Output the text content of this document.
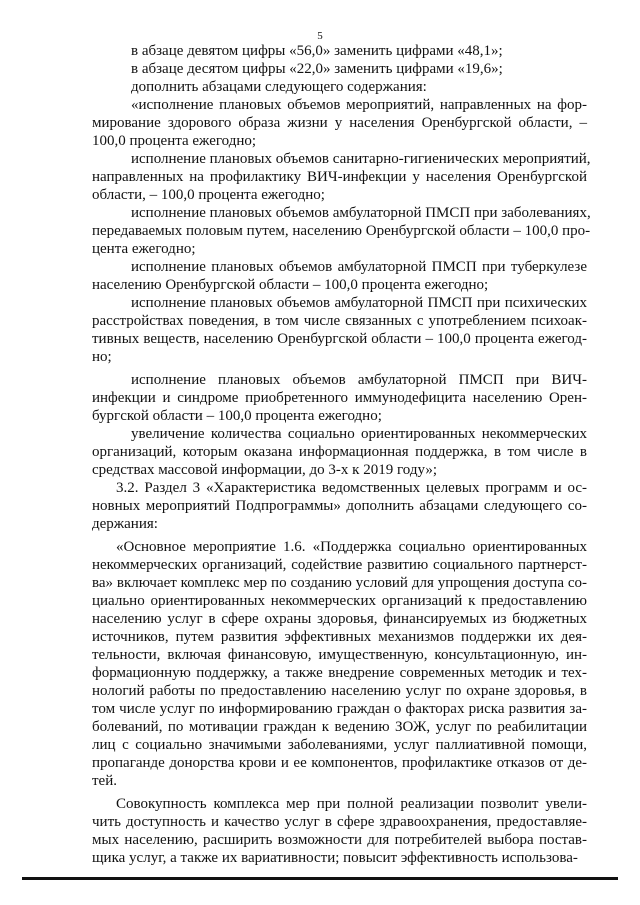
5
в абзаце девятом цифры «56,0» заменить цифрами «48,1»;
в абзаце десятом цифры «22,0» заменить цифрами «19,6»;
дополнить абзацами следующего содержания:
«исполнение плановых объемов мероприятий, направленных на фор-
мирование здорового образа жизни у населения Оренбургской области, –
100,0 процента ежегодно;
исполнение плановых объемов санитарно-гигиенических мероприятий,
направленных на профилактику ВИЧ-инфекции у населения Оренбургской
области, – 100,0 процента ежегодно;
исполнение плановых объемов амбулаторной ПМСП при заболеваниях,
передаваемых половым путем, населению Оренбургской области – 100,0 про-
цента ежегодно;
исполнение плановых объемов амбулаторной ПМСП при туберкулезе
населению Оренбургской области – 100,0 процента ежегодно;
исполнение плановых объемов амбулаторной ПМСП при психических
расстройствах поведения, в том числе связанных с употреблением психоак-
тивных веществ, населению Оренбургской области – 100,0 процента ежегод-
но;
исполнение плановых объемов амбулаторной ПМСП при ВИЧ-
инфекции и синдроме приобретенного иммунодефицита населению Орен-
бургской области – 100,0 процента ежегодно;
увеличение количества социально ориентированных некоммерческих
организаций, которым оказана информационная поддержка, в том числе в
средствах массовой информации, до 3-х к 2019 году»;
3.2. Раздел 3 «Характеристика ведомственных целевых программ и ос-
новных мероприятий Подпрограммы» дополнить абзацами следующего со-
держания:
«Основное мероприятие 1.6. «Поддержка социально ориентированных
некоммерческих организаций, содействие развитию социального партнерст-
ва» включает комплекс мер по созданию условий для упрощения доступа со-
циально ориентированных некоммерческих организаций к предоставлению
населению услуг в сфере охраны здоровья, финансируемых из бюджетных
источников, путем развития эффективных механизмов поддержки их дея-
тельности, включая финансовую, имущественную, консультационную, ин-
формационную поддержку, а также внедрение современных методик и тех-
нологий работы по предоставлению населению услуг по охране здоровья, в
том числе услуг по информированию граждан о факторах риска развития за-
болеваний, по мотивации граждан к ведению ЗОЖ, услуг по реабилитации
лиц с социально значимыми заболеваниями, услуг паллиативной помощи,
пропаганде донорства крови и ее компонентов, профилактике отказов от де-
тей.
Совокупность комплекса мер при полной реализации позволит увели-
чить доступность и качество услуг в сфере здравоохранения, предоставляе-
мых населению, расширить возможности для потребителей выбора постав-
щика услуг, а также их вариативности; повысит эффективность использова-
